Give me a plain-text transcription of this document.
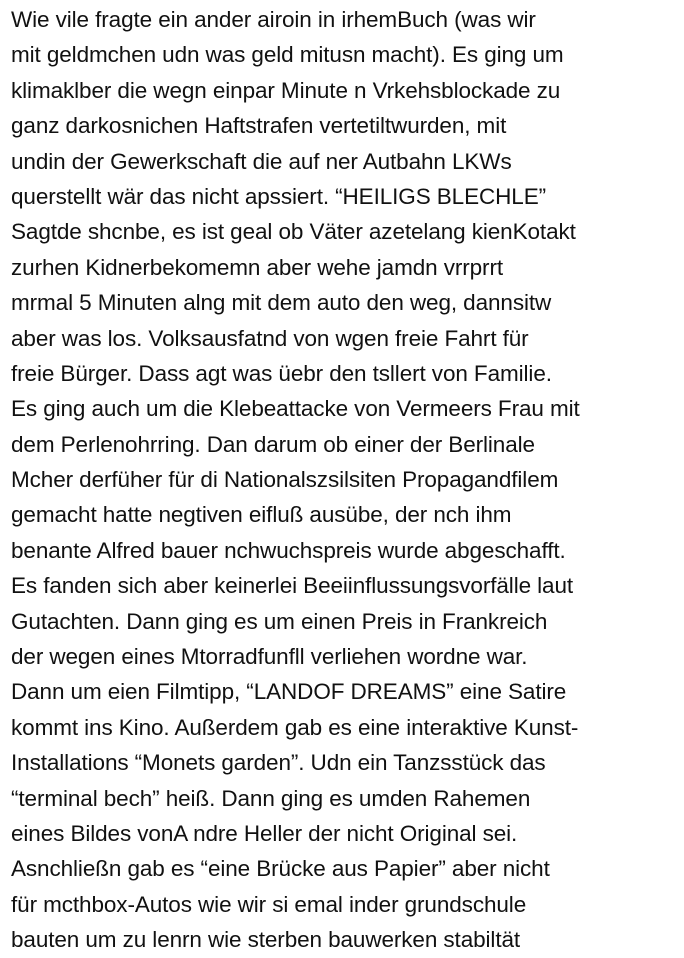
Wie vile fragte ein ander airoin in irhemBuch (was wir
mit geldmchen udn was geld mitusn macht). Es ging um
klimaklber die wegn einpar Minute n Vrkehsblockade zu
ganz darkosnichen Haftstrafen vertetiltwurden, mit
undin der Gewerkschaft die auf ner Autbahn LKWs
querstellt wär das nicht apssiert. “HEILIGS BLECHLE”
Sagtde shcnbe, es ist geal ob Väter azetelang kienKotakt
zurhen Kidnerbekomemn aber wehe jamdn vrrprrt
mrmal 5 Minuten alng mit dem auto den weg, dannsitw
aber was los. Volksausfatnd von wgen freie Fahrt für
freie Bürger. Dass agt was üebr den tsllert von Familie.
Es ging auch um die Klebeattacke von Vermeers Frau mit
dem Perlenohrring. Dan darum ob einer der Berlinale
Mcher derfüher für di Nationalszsilsiten Propagandfilem
gemacht hatte negtiven eifluß ausübe, der nch ihm
benante Alfred bauer nchwuchspreis wurde abgeschafft.
Es fanden sich aber keinerlei Beeiinflussungsvorfälle laut
Gutachten. Dann ging es um einen Preis in Frankreich
der wegen eines Mtorradfunfll verliehen wordne war.
Dann um eien Filmtipp, “LANDOF DREAMS” eine Satire
kommt ins Kino. Außerdem gab es eine interaktive Kunst-
Installations “Monets garden”. Udn ein Tanzsstück das
“terminal bech” heiß. Dann ging es umden Rahemen
eines Bildes vonA ndre Heller der nicht Original sei.
Asnchließn gab es “eine Brücke aus Papier” aber nicht
für mcthbox-Autos wie wir si emal inder grundschule
bauten um zu lenrn wie sterben bauwerken stabiltät
